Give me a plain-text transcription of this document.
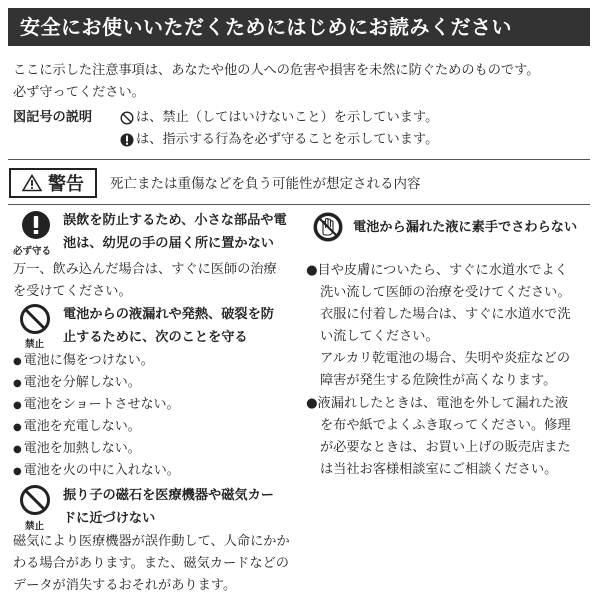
安全にお使いいただくためにはじめにお読みください
ここに示した注意事項は、あなたや他の人への危害や損害を未然に防ぐためのものです。
必ず守ってください。
図記号の説明	は、禁止（してはいけないこと）を示しています。
は、指示する行為を必ず守ることを示しています。
警告 死亡または重傷などを負う可能性が想定される内容
必ず守る
誤飲を防止するため、小さな部品や電
池は、幼児の手の届く所に置かない
万一、飲み込んだ場合は、すぐに医師の治療
を受けてください。
禁止
電池からの液漏れや発熱、破裂を防
止するために、次のことを守る
● 電池に傷をつけない。
● 電池を分解しない。
● 電池をショートさせない。
● 電池を充電しない。
● 電池を加熱しない。
● 電池を火の中に入れない。
禁止
振り子の磁石を医療機器や磁気カー
ドに近づけない
磁気により医療機器が誤作動して、人命にかか
わる場合があります。また、磁気カードなどの
データが消失するおそれがあります。
電池から漏れた液に素手でさわらない
●目や皮膚についたら、すぐに水道水でよく
洗い流して医師の治療を受けてください。
衣服に付着した場合は、すぐに水道水で洗
い流してください。
アルカリ乾電池の場合、失明や炎症などの
障害が発生する危険性が高くなります。
●液漏れしたときは、電池を外して漏れた液
を布や紙でよくふき取ってください。修理
が必要なときは、お買い上げの販売店また
は当社お客様相談室にご相談ください。
